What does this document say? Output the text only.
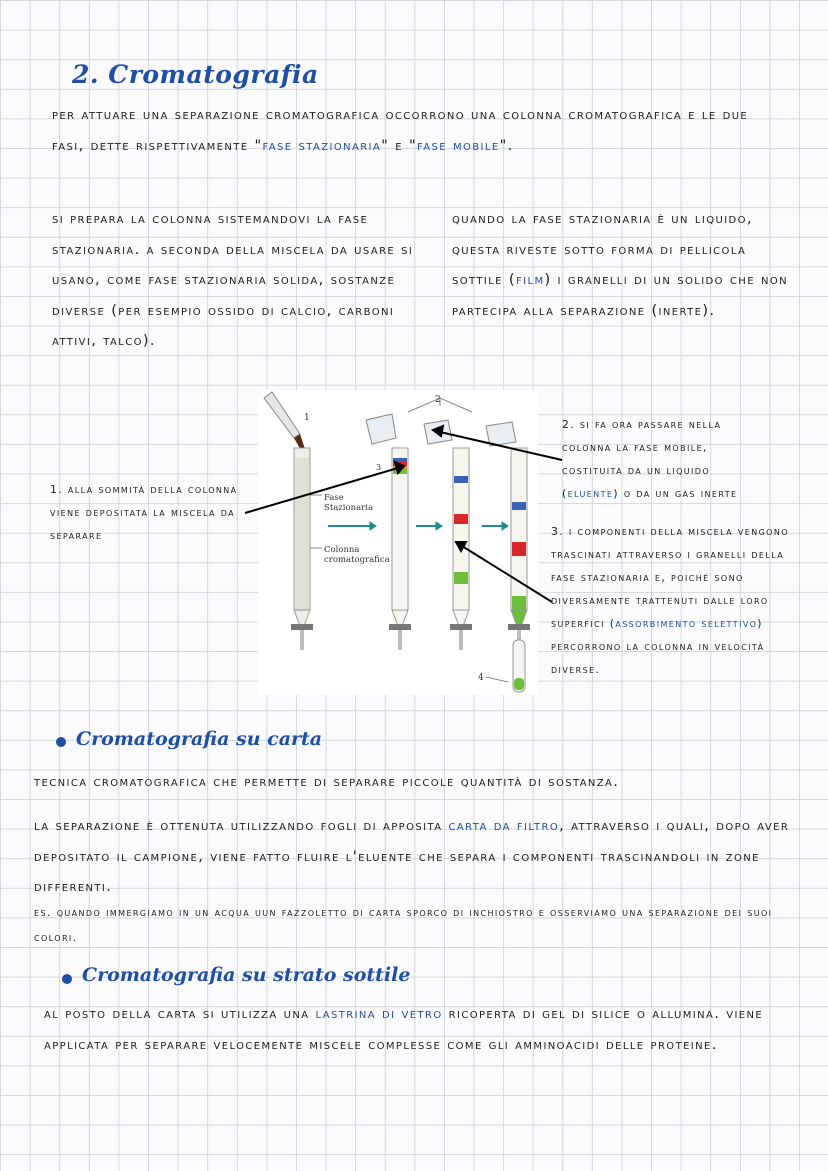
2. Cromatografia

per attuare una separazione cromatografica occorrono una colonna cromatografica e le due fasi, dette rispettivamente "fase stazionaria" e "fase mobile".

si prepara la colonna sistemandovi la fase stazionaria. a seconda della miscela da usare si usano, come fase stazionaria solida, sostanze diverse (per esempio ossido di calcio, carboni attivi, talco).

quando la fase stazionaria è un liquido, questa riveste sotto forma di pellicola sottile (film) i granelli di un solido che non partecipa alla separazione (inerte).

1
Fase
Stazionaria
Colonna
cromatografica
2
3
4

1. alla sommità della colonna viene depositata la miscela da separare

2. si fa ora passare nella colonna la fase mobile, costituita da un liquido (eluente) o da un gas inerte

3. i componenti della miscela vengono trascinati attraverso i granelli della fase stazionaria e, poiché sono diversamente trattenuti dalle loro superfici (assorbimento selettivo) percorrono la colonna in velocità diverse.

Cromatografia su carta

tecnica cromatografica che permette di separare piccole quantità di sostanza.

la separazione è ottenuta utilizzando fogli di apposita carta da filtro, attraverso i quali, dopo aver depositato il campione, viene fatto fluire l'eluente che separa i componenti trascinandoli in zone differenti.

es. quando immergiamo in un acqua uun fazzoletto di carta sporco di inchiostro e osserviamo una separazione dei suoi colori.

Cromatografia su strato sottile

al posto della carta si utilizza una lastrina di vetro ricoperta di gel di silice o allumina. viene applicata per separare velocemente miscele complesse come gli amminoacidi delle proteine.
